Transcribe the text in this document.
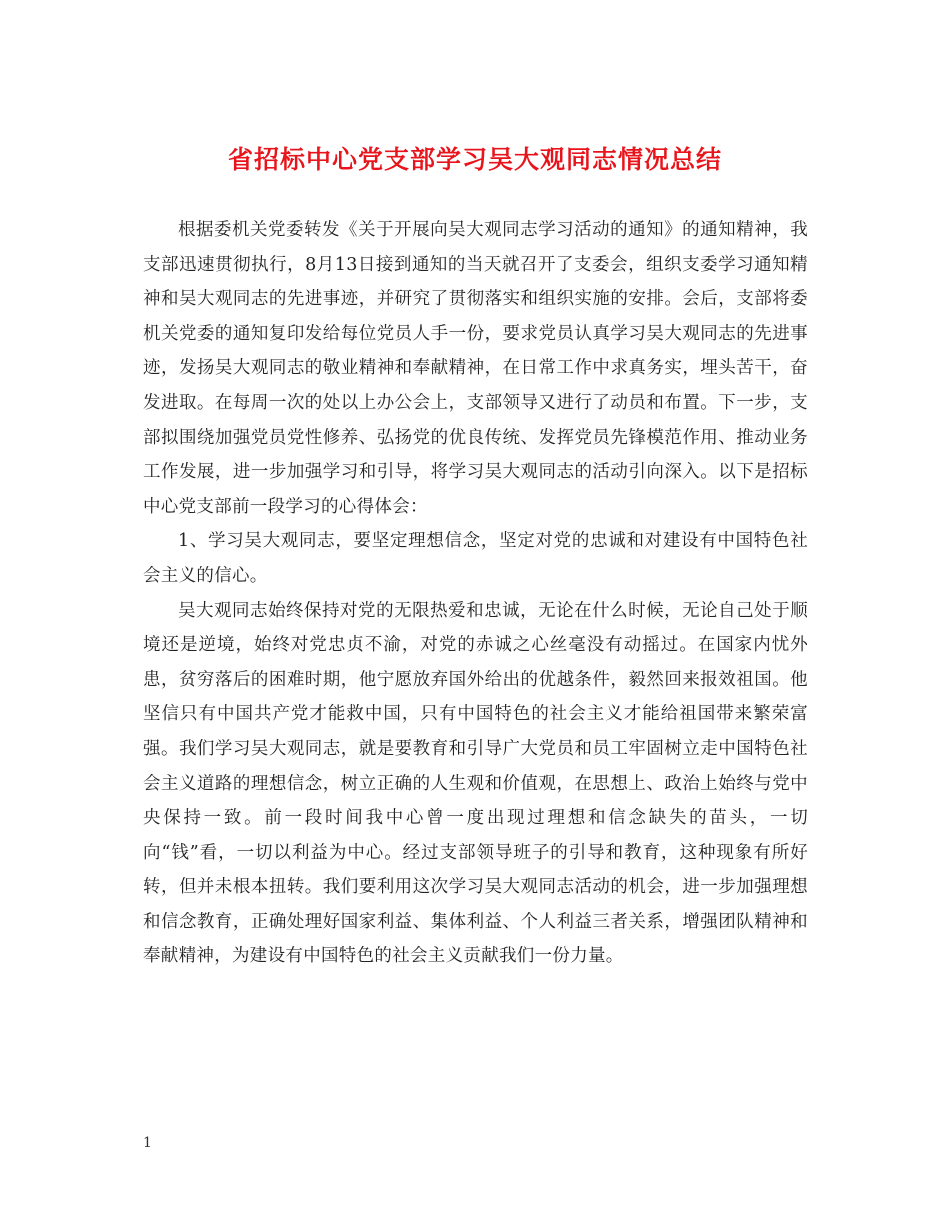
省招标中心党支部学习吴大观同志情况总结

根据委机关党委转发《关于开展向吴大观同志学习活动的通知》的通知精神，我支部迅速贯彻执行，8月13日接到通知的当天就召开了支委会，组织支委学习通知精神和吴大观同志的先进事迹，并研究了贯彻落实和组织实施的安排。会后，支部将委机关党委的通知复印发给每位党员人手一份，要求党员认真学习吴大观同志的先进事迹，发扬吴大观同志的敬业精神和奉献精神，在日常工作中求真务实，埋头苦干，奋发进取。在每周一次的处以上办公会上，支部领导又进行了动员和布置。下一步，支部拟围绕加强党员党性修养、弘扬党的优良传统、发挥党员先锋模范作用、推动业务工作发展，进一步加强学习和引导，将学习吴大观同志的活动引向深入。以下是招标中心党支部前一段学习的心得体会：

1、学习吴大观同志，要坚定理想信念，坚定对党的忠诚和对建设有中国特色社会主义的信心。

吴大观同志始终保持对党的无限热爱和忠诚，无论在什么时候，无论自己处于顺境还是逆境，始终对党忠贞不渝，对党的赤诚之心丝毫没有动摇过。在国家内忧外患，贫穷落后的困难时期，他宁愿放弃国外给出的优越条件，毅然回来报效祖国。他坚信只有中国共产党才能救中国，只有中国特色的社会主义才能给祖国带来繁荣富强。我们学习吴大观同志，就是要教育和引导广大党员和员工牢固树立走中国特色社会主义道路的理想信念，树立正确的人生观和价值观，在思想上、政治上始终与党中央保持一致。前一段时间我中心曾一度出现过理想和信念缺失的苗头，一切向“钱”看，一切以利益为中心。经过支部领导班子的引导和教育，这种现象有所好转，但并未根本扭转。我们要利用这次学习吴大观同志活动的机会，进一步加强理想和信念教育，正确处理好国家利益、集体利益、个人利益三者关系，增强团队精神和奉献精神，为建设有中国特色的社会主义贡献我们一份力量。

1
